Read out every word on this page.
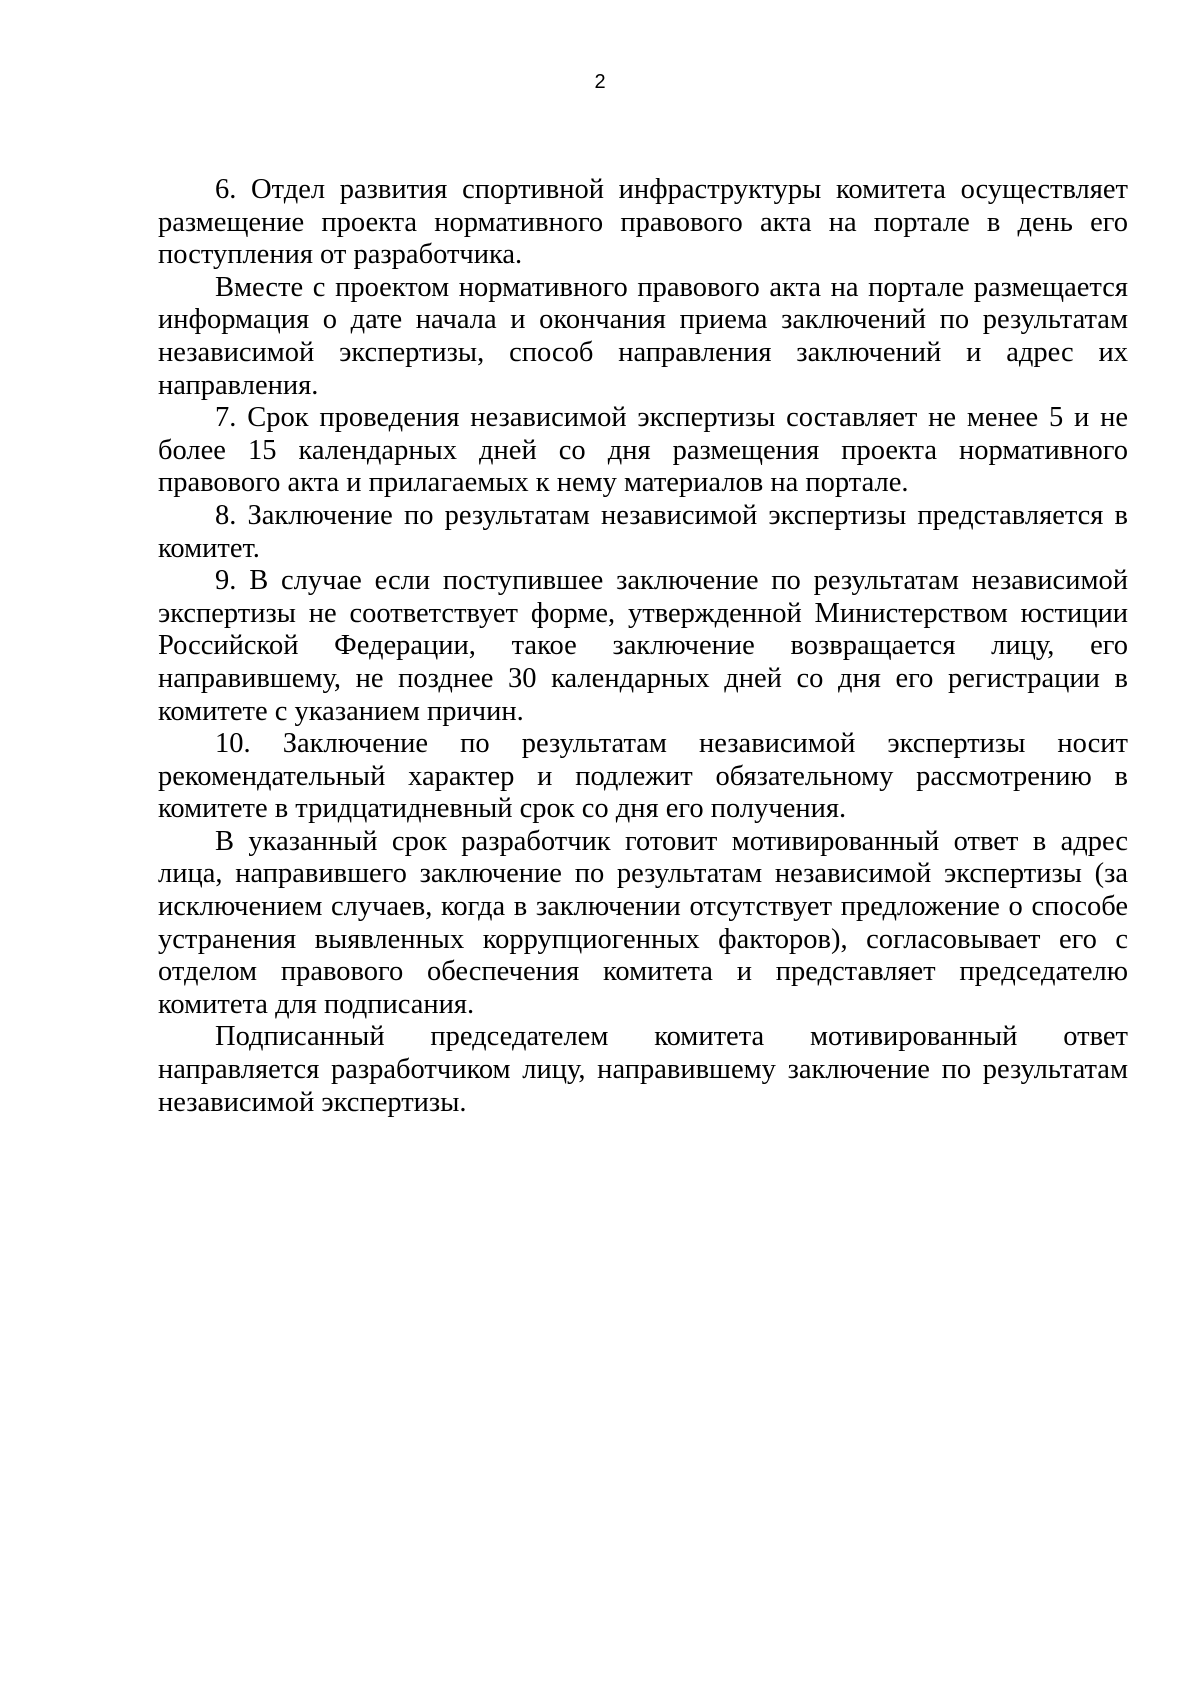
2

6. Отдел развития спортивной инфраструктуры комитета осуществляет размещение проекта нормативного правового акта на портале в день его поступления от разработчика.

Вместе с проектом нормативного правового акта на портале размещается информация о дате начала и окончания приема заключений по результатам независимой экспертизы, способ направления заключений и адрес их направления.

7. Срок проведения независимой экспертизы составляет не менее 5 и не более 15 календарных дней со дня размещения проекта нормативного правового акта и прилагаемых к нему материалов на портале.

8. Заключение по результатам независимой экспертизы представляется в комитет.

9. В случае если поступившее заключение по результатам независимой экспертизы не соответствует форме, утвержденной Министерством юстиции Российской Федерации, такое заключение возвращается лицу, его направившему, не позднее 30 календарных дней со дня его регистрации в комитете с указанием причин.

10. Заключение по результатам независимой экспертизы носит рекомендательный характер и подлежит обязательному рассмотрению в комитете в тридцатидневный срок со дня его получения.

В указанный срок разработчик готовит мотивированный ответ в адрес лица, направившего заключение по результатам независимой экспертизы (за исключением случаев, когда в заключении отсутствует предложение о способе устранения выявленных коррупциогенных факторов), согласовывает его с отделом правового обеспечения комитета и представляет председателю комитета для подписания.

Подписанный председателем комитета мотивированный ответ направляется разработчиком лицу, направившему заключение по результатам независимой экспертизы.
